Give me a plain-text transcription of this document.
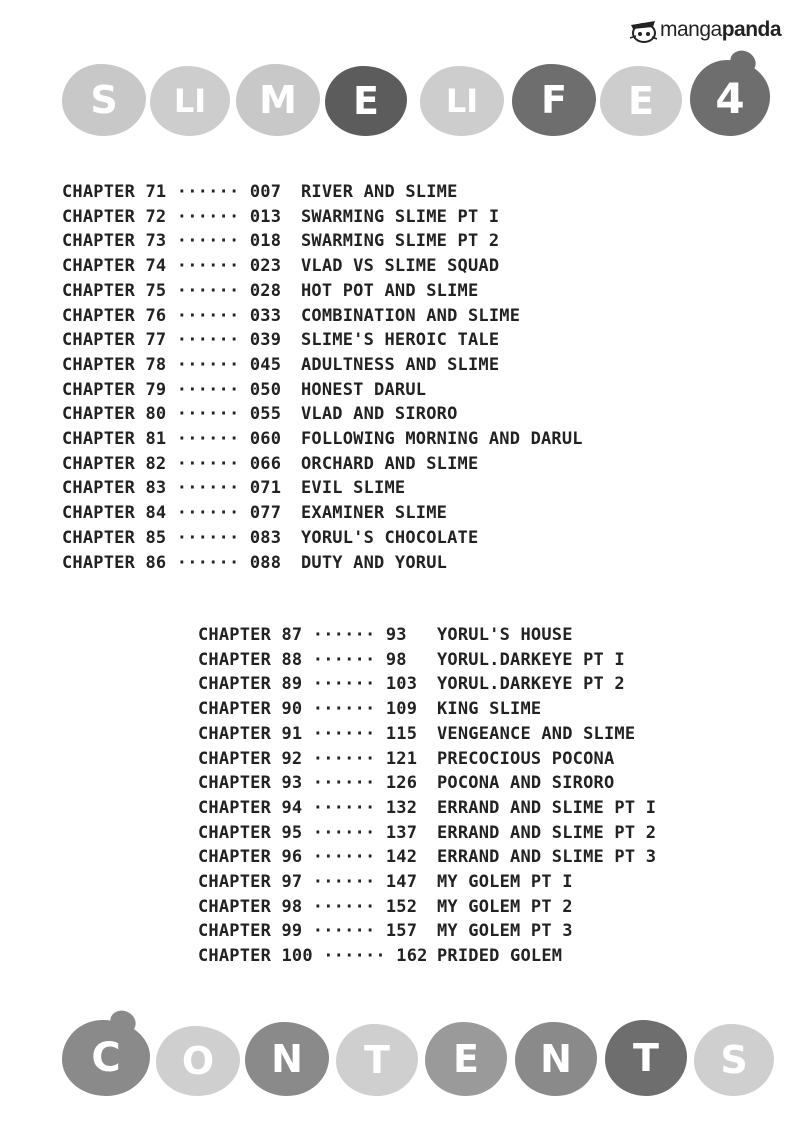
mangapanda
S L I M E L I F E 4
CHAPTER 71 ······ 007 RIVER AND SLIME
CHAPTER 72 ······ 013 SWARMING SLIME PT I
CHAPTER 73 ······ 018 SWARMING SLIME PT 2
CHAPTER 74 ······ 023 VLAD VS SLIME SQUAD
CHAPTER 75 ······ 028 HOT POT AND SLIME
CHAPTER 76 ······ 033 COMBINATION AND SLIME
CHAPTER 77 ······ 039 SLIME'S HEROIC TALE
CHAPTER 78 ······ 045 ADULTNESS AND SLIME
CHAPTER 79 ······ 050 HONEST DARUL
CHAPTER 80 ······ 055 VLAD AND SIRORO
CHAPTER 81 ······ 060 FOLLOWING MORNING AND DARUL
CHAPTER 82 ······ 066 ORCHARD AND SLIME
CHAPTER 83 ······ 071 EVIL SLIME
CHAPTER 84 ······ 077 EXAMINER SLIME
CHAPTER 85 ······ 083 YORUL'S CHOCOLATE
CHAPTER 86 ······ 088 DUTY AND YORUL
CHAPTER 87 ······ 93 YORUL'S HOUSE
CHAPTER 88 ······ 98 YORUL.DARKEYE PT I
CHAPTER 89 ······ 103 YORUL.DARKEYE PT 2
CHAPTER 90 ······ 109 KING SLIME
CHAPTER 91 ······ 115 VENGEANCE AND SLIME
CHAPTER 92 ······ 121 PRECOCIOUS POCONA
CHAPTER 93 ······ 126 POCONA AND SIRORO
CHAPTER 94 ······ 132 ERRAND AND SLIME PT I
CHAPTER 95 ······ 137 ERRAND AND SLIME PT 2
CHAPTER 96 ······ 142 ERRAND AND SLIME PT 3
CHAPTER 97 ······ 147 MY GOLEM PT I
CHAPTER 98 ······ 152 MY GOLEM PT 2
CHAPTER 99 ······ 157 MY GOLEM PT 3
CHAPTER 100 ······ 162 PRIDED GOLEM
C O N T E N T S
